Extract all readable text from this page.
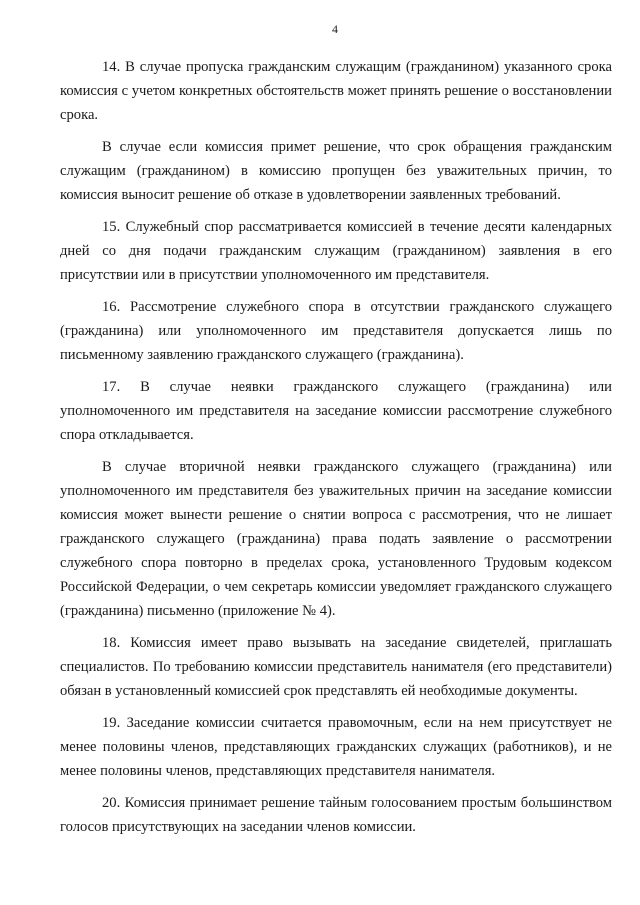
4

14. В случае пропуска гражданским служащим (гражданином) указанного срока комиссия с учетом конкретных обстоятельств может принять решение о восстановлении срока.

В случае если комиссия примет решение, что срок обращения гражданским служащим (гражданином) в комиссию пропущен без уважительных причин, то комиссия выносит решение об отказе в удовлетворении заявленных требований.

15. Служебный спор рассматривается комиссией в течение десяти календарных дней со дня подачи гражданским служащим (гражданином) заявления в его присутствии или в присутствии уполномоченного им представителя.

16. Рассмотрение служебного спора в отсутствии гражданского служащего (гражданина) или уполномоченного им представителя допускается лишь по письменному заявлению гражданского служащего (гражданина).

17. В случае неявки гражданского служащего (гражданина) или уполномоченного им представителя на заседание комиссии рассмотрение служебного спора откладывается.

В случае вторичной неявки гражданского служащего (гражданина) или уполномоченного им представителя без уважительных причин на заседание комиссии комиссия может вынести решение о снятии вопроса с рассмотрения, что не лишает гражданского служащего (гражданина) права подать заявление о рассмотрении служебного спора повторно в пределах срока, установленного Трудовым кодексом Российской Федерации, о чем секретарь комиссии уведомляет гражданского служащего (гражданина) письменно (приложение № 4).

18. Комиссия имеет право вызывать на заседание свидетелей, приглашать специалистов. По требованию комиссии представитель нанимателя (его представители) обязан в установленный комиссией срок представлять ей необходимые документы.

19. Заседание комиссии считается правомочным, если на нем присутствует не менее половины членов, представляющих гражданских служащих (работников), и не менее половины членов, представляющих представителя нанимателя.

20. Комиссия принимает решение тайным голосованием простым большинством голосов присутствующих на заседании членов комиссии.
